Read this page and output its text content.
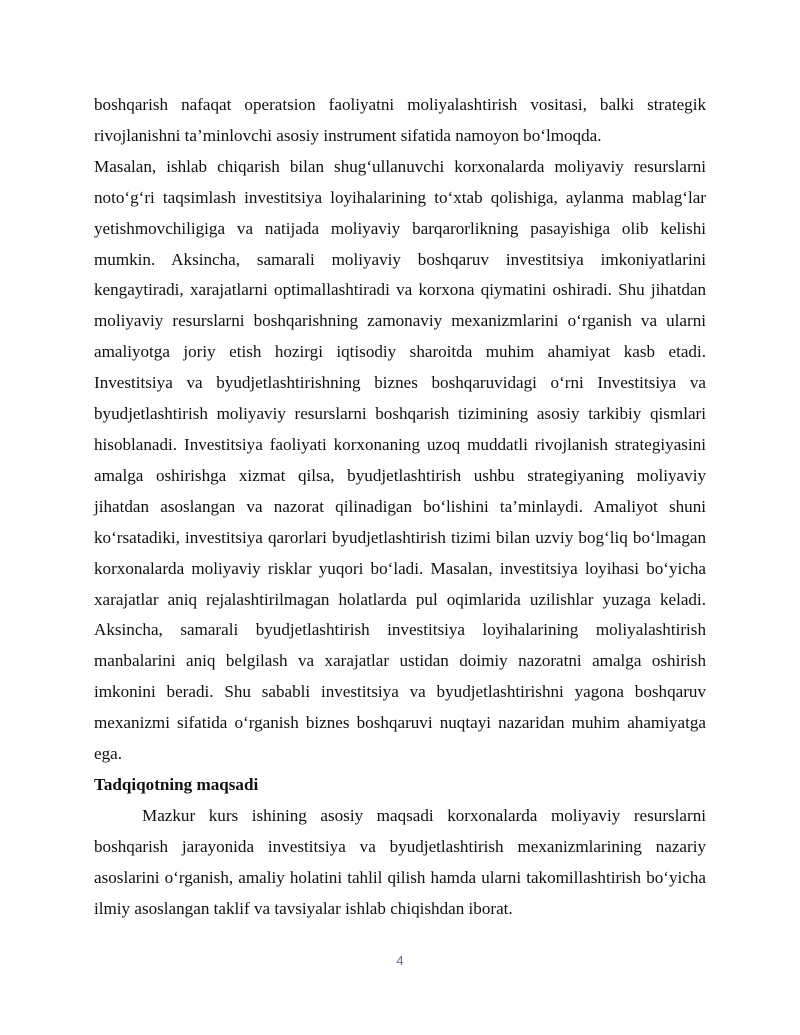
boshqarish nafaqat operatsion faoliyatni moliyalashtirish vositasi, balki strategik rivojlanishni ta’minlovchi asosiy instrument sifatida namoyon bo‘lmoqda.

Masalan, ishlab chiqarish bilan shug‘ullanuvchi korxonalarda moliyaviy resurslarni noto‘g‘ri taqsimlash investitsiya loyihalarining to‘xtab qolishiga, aylanma mablag‘lar yetishmovchiligiga va natijada moliyaviy barqarorlikning pasayishiga olib kelishi mumkin. Aksincha, samarali moliyaviy boshqaruv investitsiya imkoniyatlarini kengaytiradi, xarajatlarni optimallashtiradi va korxona qiymatini oshiradi. Shu jihatdan moliyaviy resurslarni boshqarishning zamonaviy mexanizmlarini o‘rganish va ularni amaliyotga joriy etish hozirgi iqtisodiy sharoitda muhim ahamiyat kasb etadi. Investitsiya va byudjetlashtirishning biznes boshqaruvidagi o‘rni Investitsiya va byudjetlashtirish moliyaviy resurslarni boshqarish tizimining asosiy tarkibiy qismlari hisoblanadi. Investitsiya faoliyati korxonaning uzoq muddatli rivojlanish strategiyasini amalga oshirishga xizmat qilsa, byudjetlashtirish ushbu strategiyaning moliyaviy jihatdan asoslangan va nazorat qilinadigan bo‘lishini ta’minlaydi. Amaliyot shuni ko‘rsatadiki, investitsiya qarorlari byudjetlashtirish tizimi bilan uzviy bog‘liq bo‘lmagan korxonalarda moliyaviy risklar yuqori bo‘ladi. Masalan, investitsiya loyihasi bo‘yicha xarajatlar aniq rejalashtirilmagan holatlarda pul oqimlarida uzilishlar yuzaga keladi. Aksincha, samarali byudjetlashtirish investitsiya loyihalarining moliyalashtirish manbalarini aniq belgilash va xarajatlar ustidan doimiy nazoratni amalga oshirish imkonini beradi. Shu sababli investitsiya va byudjetlashtirishni yagona boshqaruv mexanizmi sifatida o‘rganish biznes boshqaruvi nuqtayi nazaridan muhim ahamiyatga ega.

Tadqiqotning maqsadi

Mazkur kurs ishining asosiy maqsadi korxonalarda moliyaviy resurslarni boshqarish jarayonida investitsiya va byudjetlashtirish mexanizmlarining nazariy asoslarini o‘rganish, amaliy holatini tahlil qilish hamda ularni takomillashtirish bo‘yicha ilmiy asoslangan taklif va tavsiyalar ishlab chiqishdan iborat.

4
